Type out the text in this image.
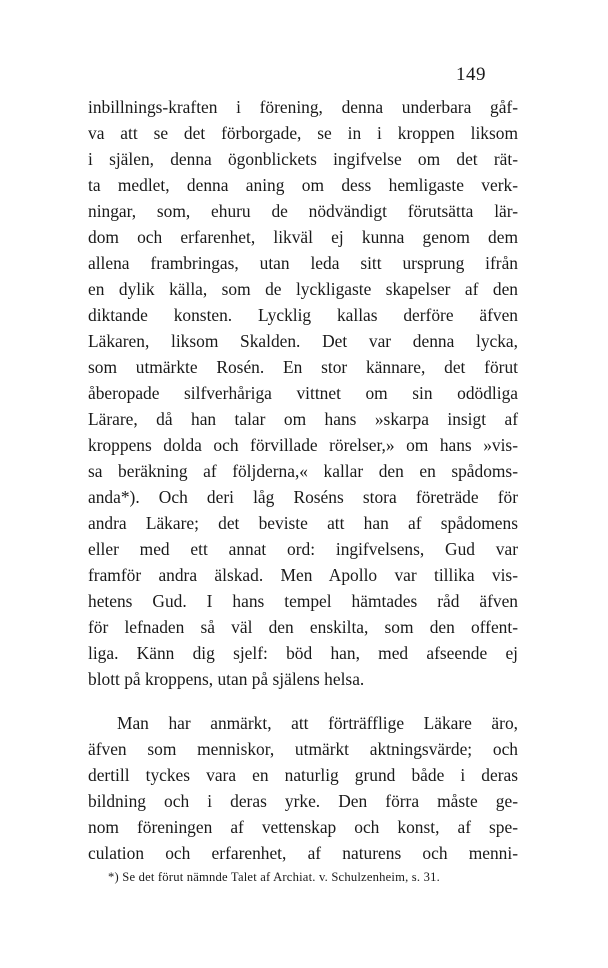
149
inbillnings-kraften i förening, denna underbara gåf-
va att se det förborgade, se in i kroppen liksom
i själen, denna ögonblickets ingifvelse om det rät-
ta medlet, denna aning om dess hemligaste verk-
ningar, som, ehuru de nödvändigt förutsätta lär-
dom och erfarenhet, likväl ej kunna genom dem
allena frambringas, utan leda sitt ursprung ifrån
en dylik källa, som de lyckligaste skapelser af den
diktande konsten. Lycklig kallas derföre äfven
Läkaren, liksom Skalden. Det var denna lycka,
som utmärkte Rosén. En stor kännare, det förut
åberopade silfverhåriga vittnet om sin odödliga
Lärare, då han talar om hans »skarpa insigt af
kroppens dolda och förvillade rörelser,» om hans »vis-
sa beräkning af följderna,« kallar den en spådoms-
anda*). Och deri låg Roséns stora företräde för
andra Läkare; det beviste att han af spådomens
eller med ett annat ord: ingifvelsens, Gud var
framför andra älskad. Men Apollo var tillika vis-
hetens Gud. I hans tempel hämtades råd äfven
för lefnaden så väl den enskilta, som den offent-
liga. Känn dig sjelf: böd han, med afseende ej
blott på kroppens, utan på själens helsa.
Man har anmärkt, att förträfflige Läkare äro,
äfven som menniskor, utmärkt aktningsvärde; och
dertill tyckes vara en naturlig grund både i deras
bildning och i deras yrke. Den förra måste ge-
nom föreningen af vettenskap och konst, af spe-
culation och erfarenhet, af naturens och menni-
*) Se det förut nämnde Talet af Archiat. v. Schulzenheim, s. 31.
